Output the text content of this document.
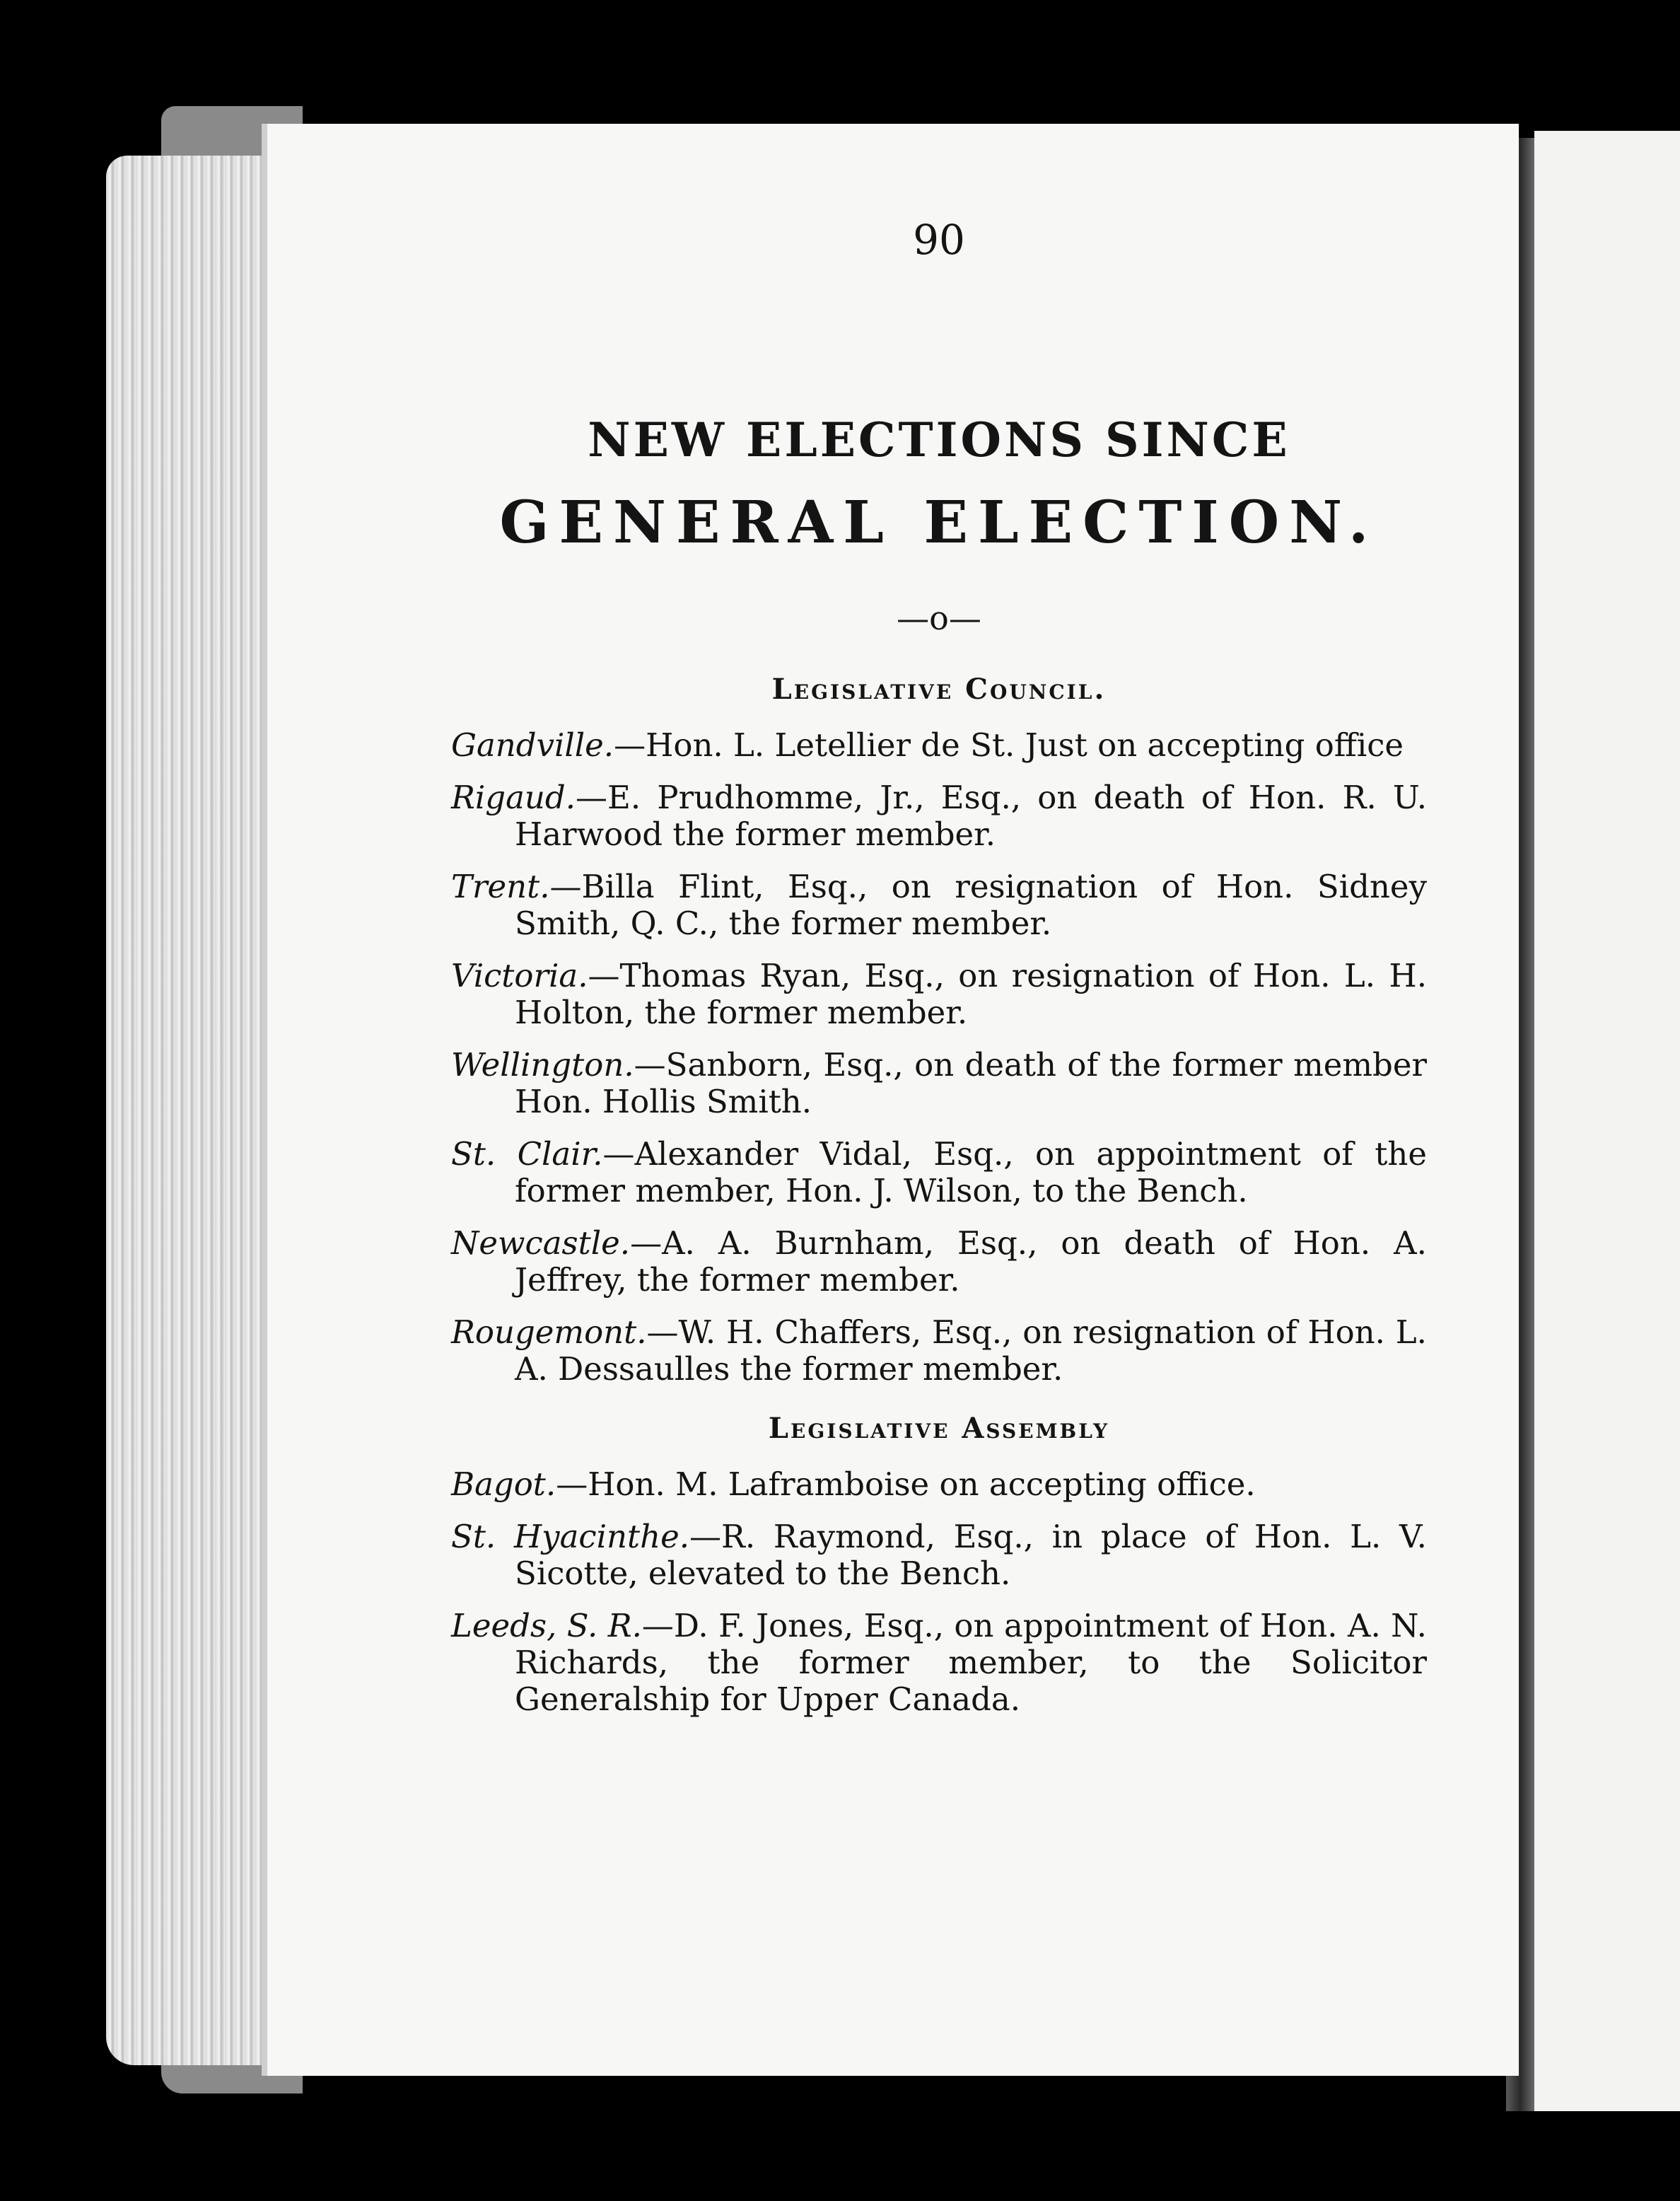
90
NEW ELECTIONS SINCE
GENERAL ELECTION.
—o—
Legislative Council.

Gandville.—Hon. L. Letellier de St. Just on accepting office

Rigaud.—E. Prudhomme, Jr., Esq., on death of Hon. R. U. Harwood the former member.

Trent.—Billa Flint, Esq., on resignation of Hon. Sidney Smith, Q. C., the former member.

Victoria.—Thomas Ryan, Esq., on resignation of Hon. L. H. Holton, the former member.

Wellington.—Sanborn, Esq., on death of the former member Hon. Hollis Smith.

St. Clair.—Alexander Vidal, Esq., on appointment of the former member, Hon. J. Wilson, to the Bench.

Newcastle.—A. A. Burnham, Esq., on death of Hon. A. Jeffrey, the former member.

Rougemont.—W. H. Chaffers, Esq., on resignation of Hon. L. A. Dessaulles the former member.

Legislative Assembly

Bagot.—Hon. M. Laframboise on accepting office.

St. Hyacinthe.—R. Raymond, Esq., in place of Hon. L. V. Sicotte, elevated to the Bench.

Leeds, S. R.—D. F. Jones, Esq., on appointment of Hon. A. N. Richards, the former member, to the Solicitor Generalship for Upper Canada.
